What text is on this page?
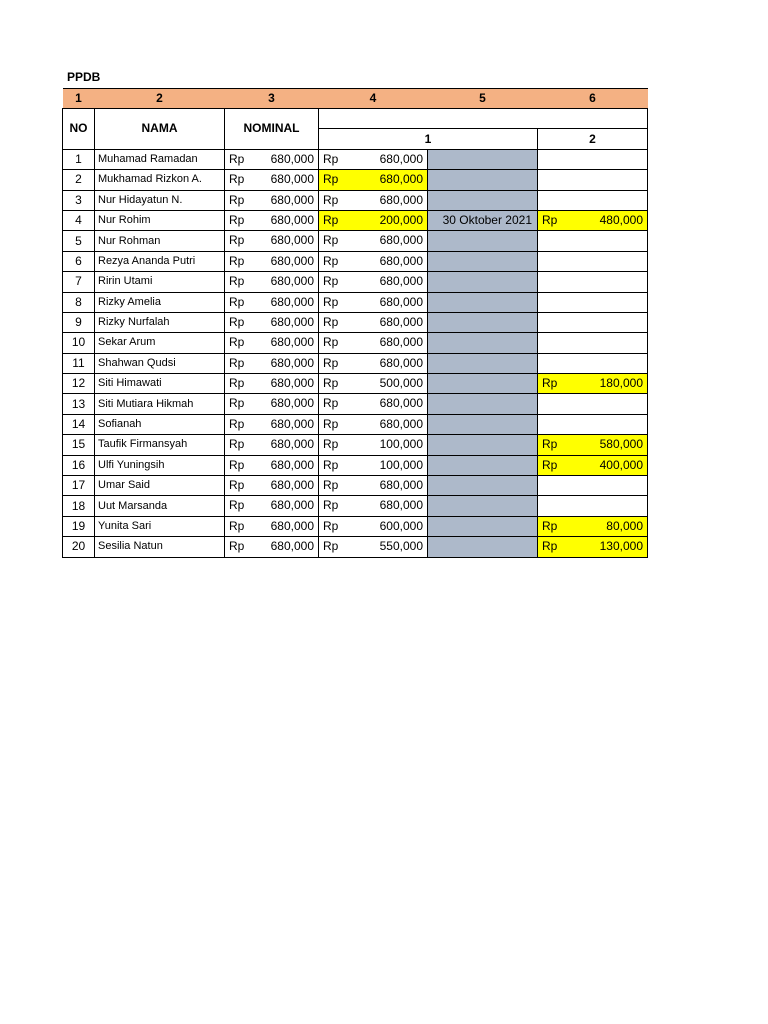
PPDB
1	2	3	4	5	6
NO	NAMA	NOMINAL			
			1		2
1	Muhamad Ramadan	Rp 680,000	Rp 680,000		

2	Mukhamad Rizkon A.	Rp 680,000	Rp 680,000		

3	Nur Hidayatun N.	Rp 680,000	Rp 680,000		

4	Nur Rohim	Rp 680,000	Rp 200,000	30 Oktober 2021	Rp 480,000

5	Nur Rohman	Rp 680,000	Rp 680,000		

6	Rezya Ananda Putri	Rp 680,000	Rp 680,000		

7	Ririn Utami	Rp 680,000	Rp 680,000		

8	Rizky Amelia	Rp 680,000	Rp 680,000		

9	Rizky Nurfalah	Rp 680,000	Rp 680,000		

10	Sekar Arum	Rp 680,000	Rp 680,000		

11	Shahwan Qudsi	Rp 680,000	Rp 680,000		

12	Siti Himawati	Rp 680,000	Rp 500,000		Rp 180,000

13	Siti Mutiara Hikmah	Rp 680,000	Rp 680,000		

14	Sofianah	Rp 680,000	Rp 680,000		

15	Taufik Firmansyah	Rp 680,000	Rp 100,000		Rp 580,000

16	Ulfi Yuningsih	Rp 680,000	Rp 100,000		Rp 400,000

17	Umar Said	Rp 680,000	Rp 680,000		

18	Uut Marsanda	Rp 680,000	Rp 680,000		

19	Yunita Sari	Rp 680,000	Rp 600,000		Rp 80,000

20	Sesilia Natun	Rp 680,000	Rp 550,000		Rp 130,000
